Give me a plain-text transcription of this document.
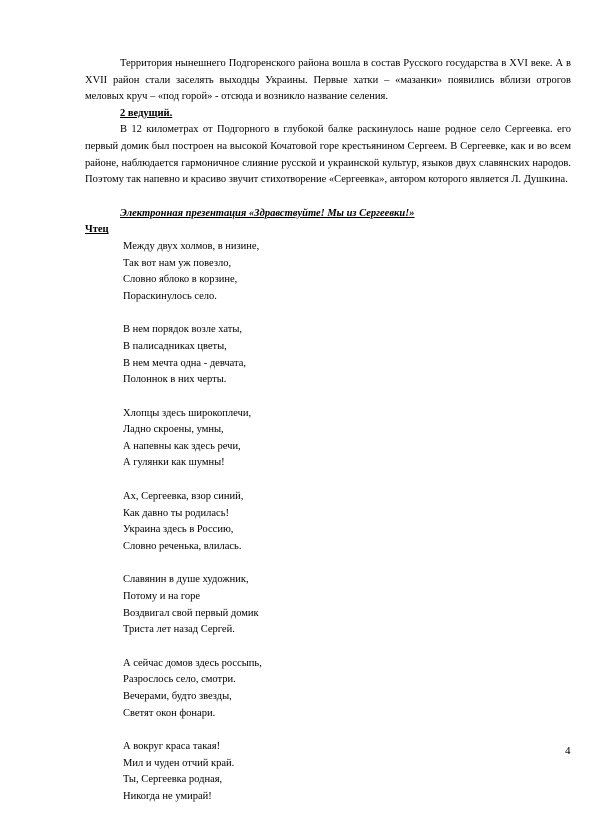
Территория нынешнего Подгоренского района вошла в состав Русского государства в XVI веке. А в XVII район стали заселять выходцы Украины. Первые хатки – «мазанки» появились вблизи отрогов меловых круч – «под горой» - отсюда и возникло название селения.

2 ведущий.

В 12 километрах от Подгорного в глубокой балке раскинулось наше родное село Сергеевка. его первый домик был построен на высокой Кочатовой горе крестьянином Сергеем. В Сергеевке, как и во всем районе, наблюдается гармоничное слияние русской и украинской культур, языков двух славянских народов. Поэтому так напевно и красиво звучит стихотворение «Сергеевка», автором которого является Л. Душкина.

Электронная презентация «Здравствуйте! Мы из Сергеевки!»

Чтец

Между двух холмов, в низине,
Так вот нам уж повезло,
Словно яблоко в корзине,
Пораскинулось село.
В нем порядок возле хаты,
В палисадниках цветы,
В нем мечта одна - девчата,
Полоннок в них черты.
Хлопцы здесь широкоплечи,
Ладно скроены, умны,
А напевны как здесь речи,
А гулянки как шумны!
Ах, Сергеевка, взор синий,
Как давно ты родилась!
Украина здесь в Россию,
Словно реченька, влилась.
Славянин в душе художник,
Потому и на горе
Воздвигал свой первый домик
Триста лет назад Сергей.
А сейчас домов здесь россыпь,
Разрослось село, смотри.
Вечерами, будто звезды,
Светят окон фонари.
А вокруг краса такая!
Мил и чуден отчий край.
Ты, Сергеевка родная,
Никогда не умирай!
4
